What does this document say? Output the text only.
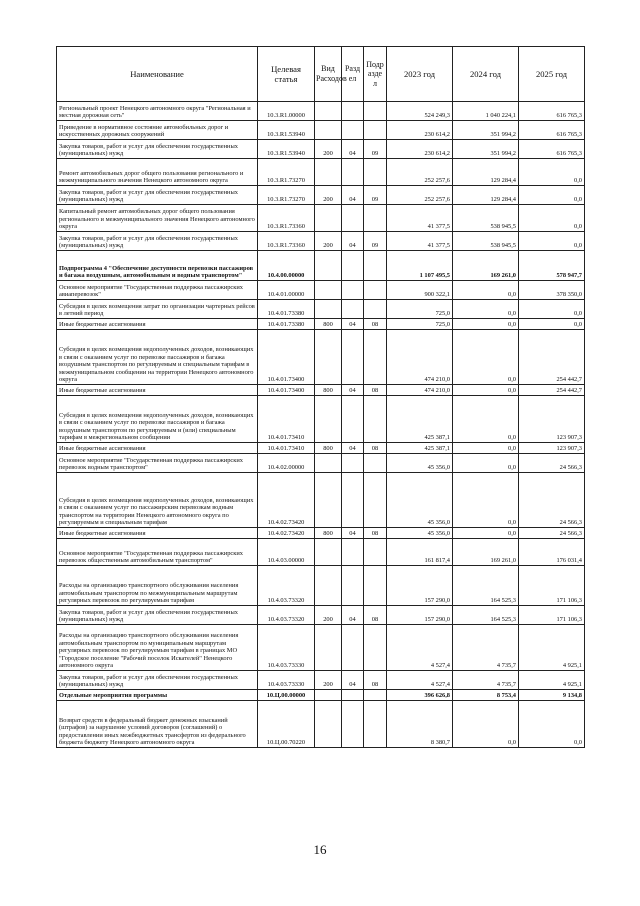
Наименование	Целевая статья	Вид Расходов	Разд ел	Подр азде л	2023 год	2024 год	2025 год
Региональный проект Ненецкого автономного округа "Региональная и местная дорожная сеть"	10.3.R1.00000				524 249,3	1 040 224,1	616 765,3
Приведение в нормативное состояние автомобильных дорог и искусственных дорожных сооружений	10.3.R1.53940				230 614,2	351 994,2	616 765,3
Закупка товаров, работ и услуг для обеспечения государственных (муниципальных) нужд	10.3.R1.53940	200	04	09	230 614,2	351 994,2	616 765,3
Ремонт автомобильных дорог общего пользования регионального и межмуниципального значения Ненецкого автономного округа	10.3.R1.73270				252 257,6	129 284,4	0,0
Закупка товаров, работ и услуг для обеспечения государственных (муниципальных) нужд	10.3.R1.73270	200	04	09	252 257,6	129 284,4	0,0
Капитальный ремонт автомобильных дорог общего пользования регионального и межмуниципального значения Ненецкого автономного округа	10.3.R1.73360				41 377,5	538 945,5	0,0
Закупка товаров, работ и услуг для обеспечения государственных (муниципальных) нужд	10.3.R1.73360	200	04	09	41 377,5	538 945,5	0,0
Подпрограмма 4 "Обеспечение доступности перевозки пассажиров и багажа воздушным, автомобильным и водным транспортом"	10.4.00.00000				1 107 495,5	169 261,0	578 947,7
Основное мероприятие "Государственная поддержка пассажирских авиаперевозок"	10.4.01.00000				900 322,1	0,0	378 350,0
Субсидия в целях возмещения затрат по организации чартерных рейсов в летний период	10.4.01.73380				725,0	0,0	0,0
Иные бюджетные ассигнования	10.4.01.73380	800	04	08	725,0	0,0	0,0
Субсидия в целях возмещения недополученных доходов, возникающих в связи с оказанием услуг по перевозке пассажиров и багажа воздушным транспортом по регулируемым и специальным тарифам в межмуниципальном сообщении на территории Ненецкого автономного округа	10.4.01.73400				474 210,0	0,0	254 442,7
Иные бюджетные ассигнования	10.4.01.73400	800	04	08	474 210,0	0,0	254 442,7
Субсидия в целях возмещения недополученных доходов, возникающих в связи с оказанием услуг по перевозке пассажиров и багажа воздушным транспортом по регулируемым и (или) специальным тарифам в межрегиональном сообщении	10.4.01.73410				425 387,1	0,0	123 907,3
Иные бюджетные ассигнования	10.4.01.73410	800	04	08	425 387,1	0,0	123 907,3
Основное мероприятие "Государственная поддержка пассажирских перевозок водным транспортом"	10.4.02.00000				45 356,0	0,0	24 566,3
Субсидия в целях возмещения недополученных доходов, возникающих в связи с оказанием услуг по пассажирским перевозкам водным транспортом на территории Ненецкого автономного округа по регулируемым и специальным тарифам	10.4.02.73420				45 356,0	0,0	24 566,3
Иные бюджетные ассигнования	10.4.02.73420	800	04	08	45 356,0	0,0	24 566,3
Основное мероприятие "Государственная поддержка пассажирских перевозок общественным автомобильным транспортом"	10.4.03.00000				161 817,4	169 261,0	176 031,4
Расходы на организацию транспортного обслуживания населения автомобильным транспортом по межмуниципальным маршрутам регулярных перевозок по регулируемым тарифам	10.4.03.73320				157 290,0	164 525,3	171 106,3
Закупка товаров, работ и услуг для обеспечения государственных (муниципальных) нужд	10.4.03.73320	200	04	08	157 290,0	164 525,3	171 106,3
Расходы на организацию транспортного обслуживания населения автомобильным транспортом по муниципальным маршрутам регулярных перевозок по регулируемым тарифам в границах МО "Городское поселение "Рабочий поселок Искателей" Ненецкого автономного округа	10.4.03.73330				4 527,4	4 735,7	4 925,1
Закупка товаров, работ и услуг для обеспечения государственных (муниципальных) нужд	10.4.03.73330	200	04	08	4 527,4	4 735,7	4 925,1
Отдельные мероприятия программы	10.Ц.00.00000				396 626,8	8 753,4	9 134,8
Возврат средств в федеральный бюджет денежных взысканий (штрафов) за нарушение условий договоров (соглашений) о предоставлении иных межбюджетных трансфертов из федерального бюджета бюджету Ненецкого автономного округа	10.Ц.00.70220				8 380,7	0,0	0,0
16
